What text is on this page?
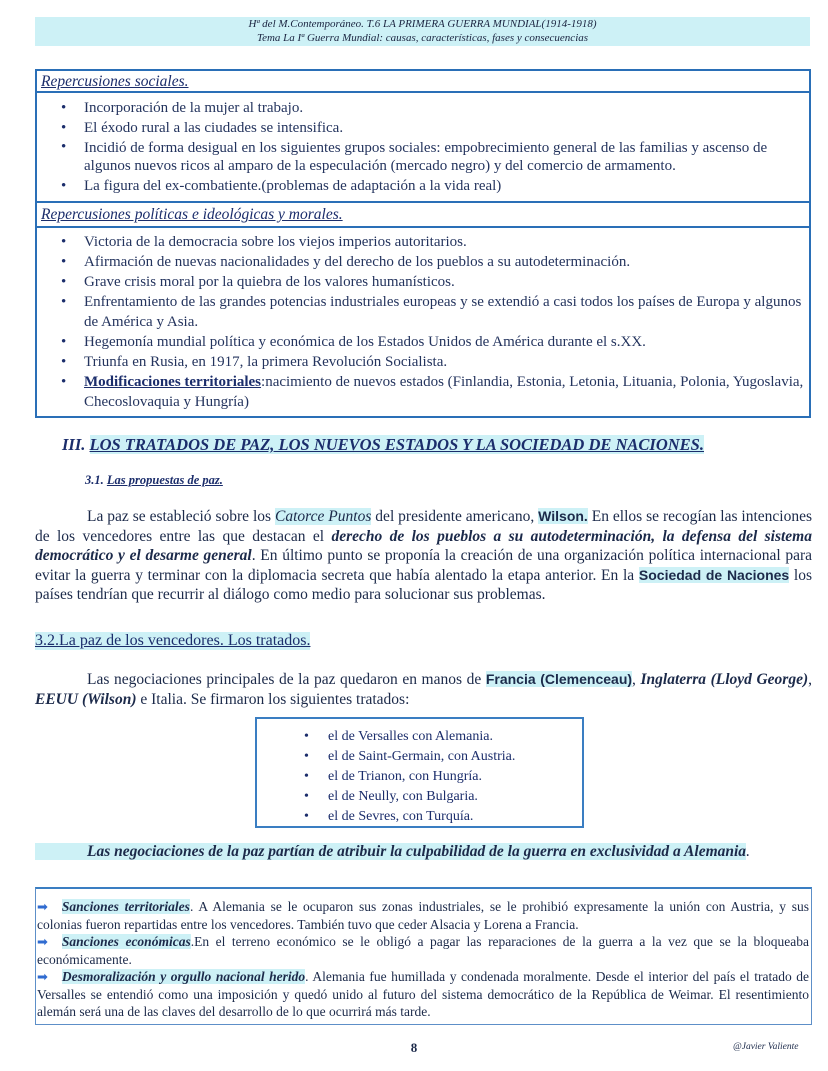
Hª del M.Contemporáneo. T.6 LA PRIMERA GUERRA MUNDIAL(1914-1918)
Tema La Iª Guerra Mundial: causas, características, fases y consecuencias
Repercusiones sociales.
• Incorporación de la mujer al trabajo.
• El éxodo rural a las ciudades se intensifica.
• Incidió de forma desigual en los siguientes grupos sociales: empobrecimiento general de las familias y ascenso de algunos nuevos ricos al amparo de la especulación (mercado negro) y del comercio de armamento.
• La figura del ex-combatiente.(problemas de adaptación a la vida real)
Repercusiones políticas e ideológicas y morales.
• Victoria de la democracia sobre los viejos imperios autoritarios.
• Afirmación de nuevas nacionalidades y del derecho de los pueblos a su autodeterminación.
• Grave crisis moral por la quiebra de los valores humanísticos.
• Enfrentamiento de las grandes potencias industriales europeas y se extendió a casi todos los países de Europa y algunos de América y Asia.
• Hegemonía mundial política y económica de los Estados Unidos de América durante el s.XX.
• Triunfa en Rusia, en 1917, la primera Revolución Socialista.
• Modificaciones territoriales:nacimiento de nuevos estados (Finlandia, Estonia, Letonia, Lituania, Polonia, Yugoslavia, Checoslovaquia y Hungría)
III. LOS TRATADOS DE PAZ, LOS NUEVOS ESTADOS Y LA SOCIEDAD DE NACIONES.
3.1. Las propuestas de paz.
La paz se estableció sobre los Catorce Puntos del presidente americano, Wilson. En ellos se recogían las intenciones de los vencedores entre las que destacan el derecho de los pueblos a su autodeterminación, la defensa del sistema democrático y el desarme general. En último punto se proponía la creación de una organización política internacional para evitar la guerra y terminar con la diplomacia secreta que había alentado la etapa anterior. En la Sociedad de Naciones los países tendrían que recurrir al diálogo como medio para solucionar sus problemas.
3.2.La paz de los vencedores. Los tratados.
Las negociaciones principales de la paz quedaron en manos de Francia (Clemenceau), Inglaterra (Lloyd George), EEUU (Wilson) e Italia. Se firmaron los siguientes tratados:
• el de Versalles con Alemania.
• el de Saint-Germain, con Austria.
• el de Trianon, con Hungría.
• el de Neully, con Bulgaria.
• el de Sevres, con Turquía.
Las negociaciones de la paz partían de atribuir la culpabilidad de la guerra en exclusividad a Alemania.
➡ Sanciones territoriales. A Alemania se le ocuparon sus zonas industriales, se le prohibió expresamente la unión con Austria, y sus colonias fueron repartidas entre los vencedores. También tuvo que ceder Alsacia y Lorena a Francia.
➡ Sanciones económicas.En el terreno económico se le obligó a pagar las reparaciones de la guerra a la vez que se la bloqueaba económicamente.
➡ Desmoralización y orgullo nacional herido. Alemania fue humillada y condenada moralmente. Desde el interior del país el tratado de Versalles se entendió como una imposición y quedó unido al futuro del sistema democrático de la República de Weimar. El resentimiento alemán será una de las claves del desarrollo de lo que ocurrirá más tarde.
8	@Javier Valiente
